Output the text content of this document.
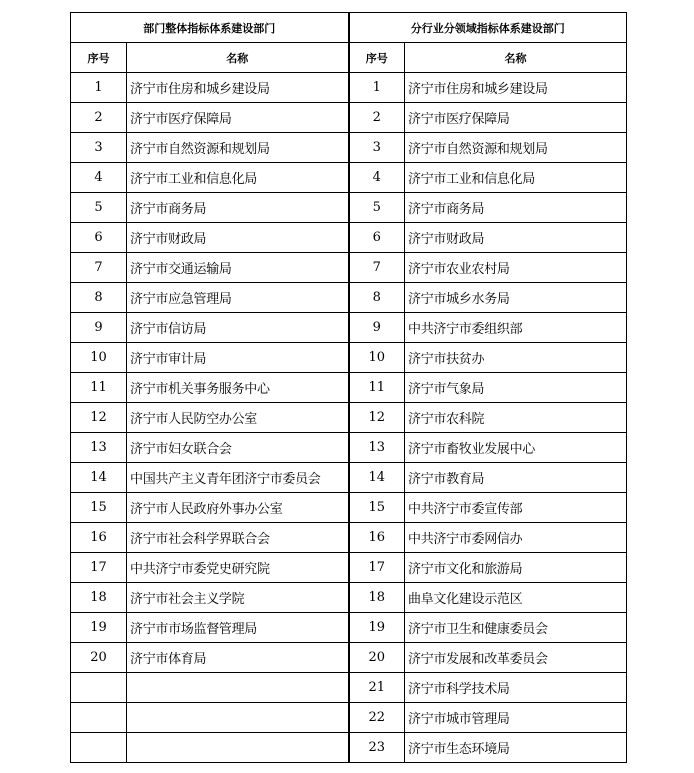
部门整体指标体系建设部门		分行业分领域指标体系建设部门	
序号	名称	序号	名称
1	济宁市住房和城乡建设局	1	济宁市住房和城乡建设局
2	济宁市医疗保障局	2	济宁市医疗保障局
3	济宁市自然资源和规划局	3	济宁市自然资源和规划局
4	济宁市工业和信息化局	4	济宁市工业和信息化局
5	济宁市商务局	5	济宁市商务局
6	济宁市财政局	6	济宁市财政局
7	济宁市交通运输局	7	济宁市农业农村局
8	济宁市应急管理局	8	济宁市城乡水务局
9	济宁市信访局	9	中共济宁市委组织部
10	济宁市审计局	10	济宁市扶贫办
11	济宁市机关事务服务中心	11	济宁市气象局
12	济宁市人民防空办公室	12	济宁市农科院
13	济宁市妇女联合会	13	济宁市畜牧业发展中心
14	中国共产主义青年团济宁市委员会	14	济宁市教育局
15	济宁市人民政府外事办公室	15	中共济宁市委宣传部
16	济宁市社会科学界联合会	16	中共济宁市委网信办
17	中共济宁市委党史研究院	17	济宁市文化和旅游局
18	济宁市社会主义学院	18	曲阜文化建设示范区
19	济宁市市场监督管理局	19	济宁市卫生和健康委员会
20	济宁市体育局	20	济宁市发展和改革委员会
		21	济宁市科学技术局
		22	济宁市城市管理局
		23	济宁市生态环境局
